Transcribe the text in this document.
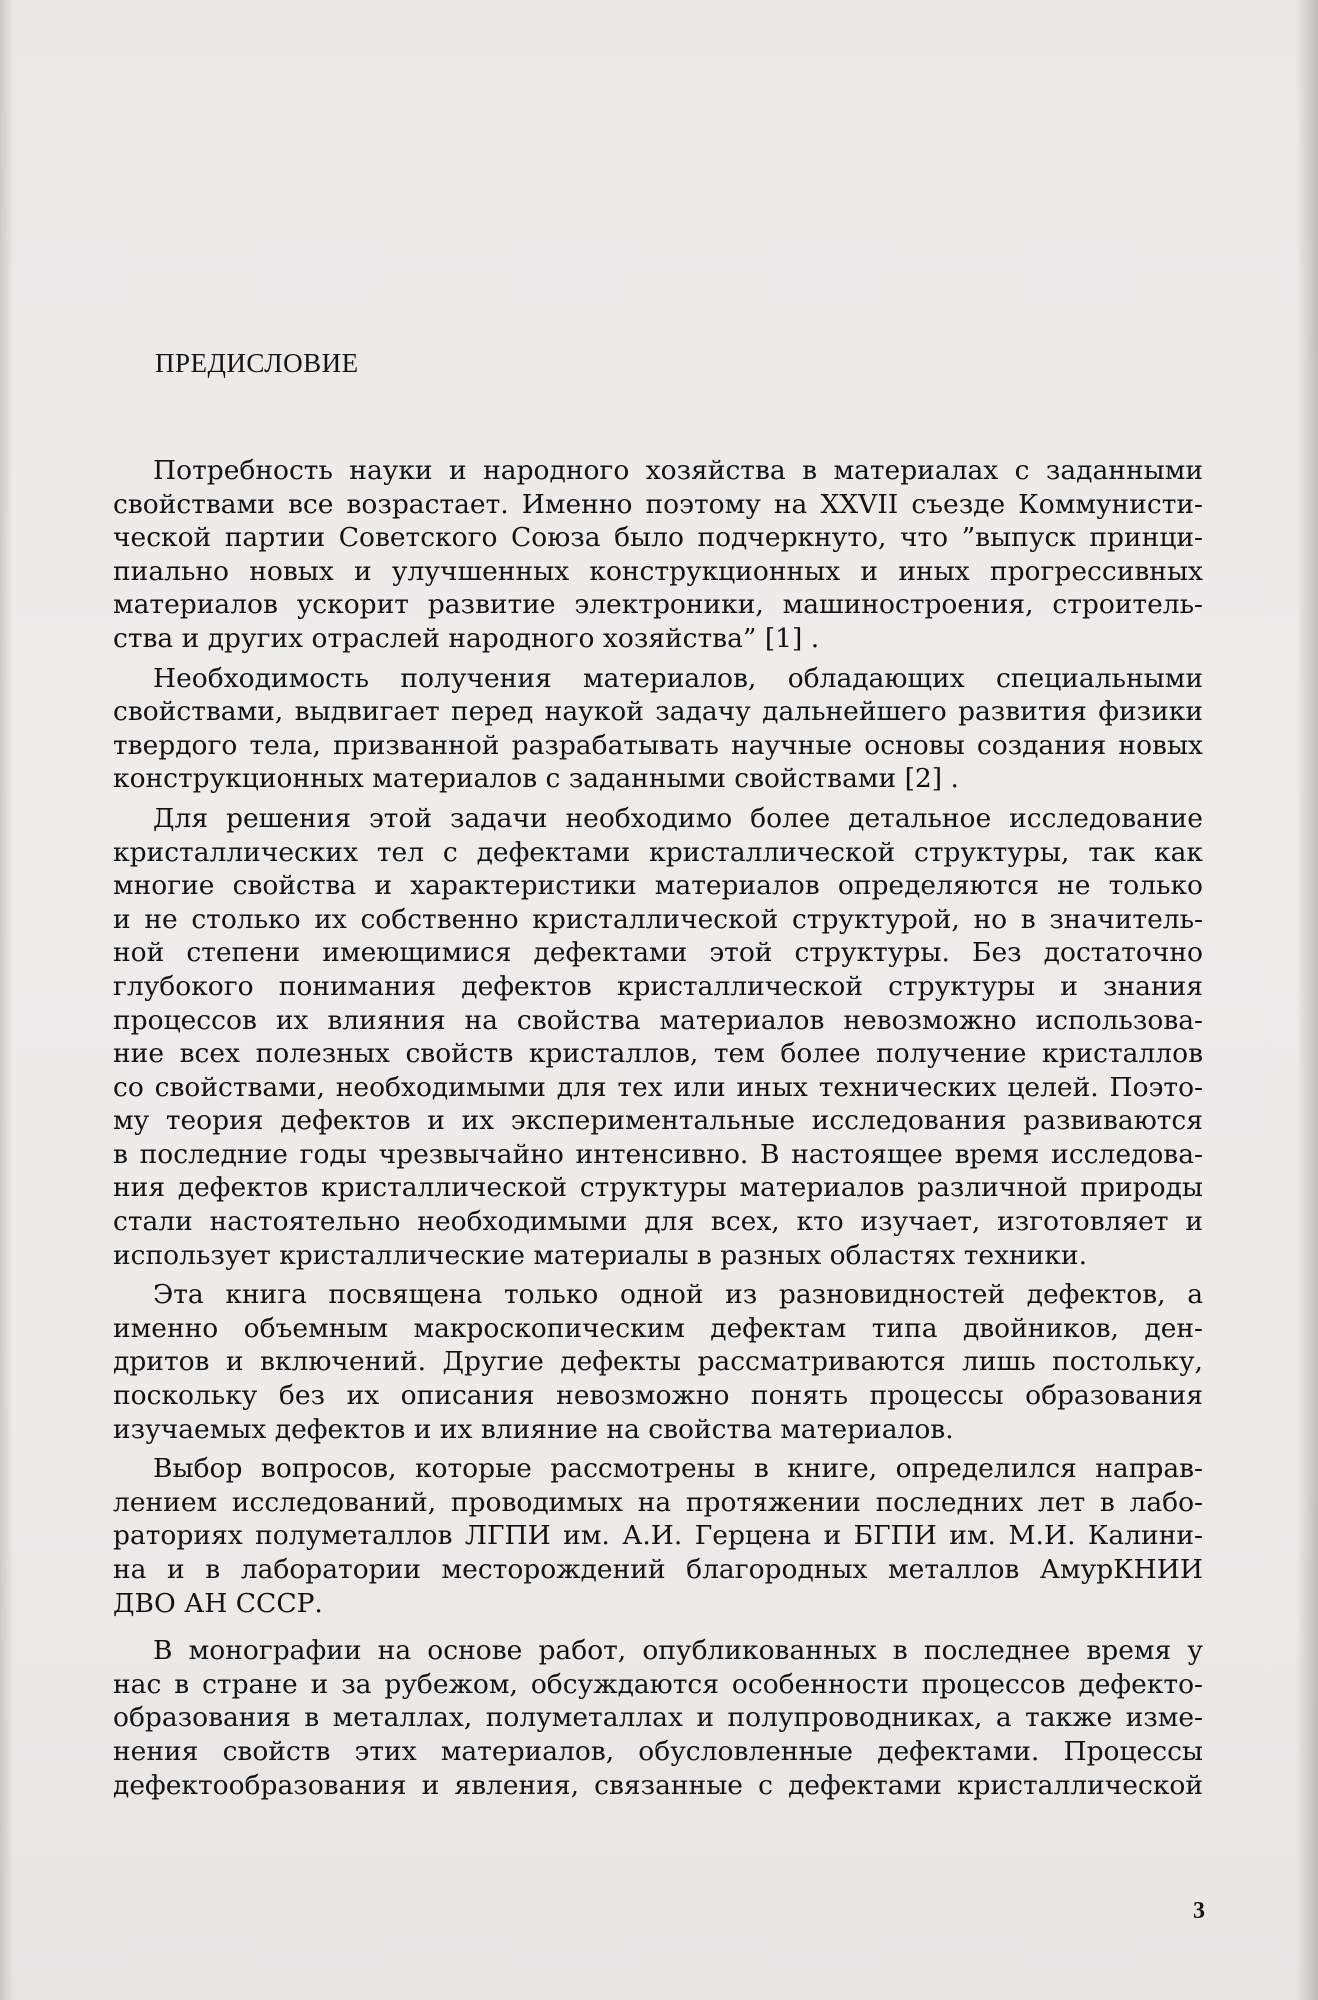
ПРЕДИСЛОВИЕ
Потребность науки и народного хозяйства в материалах с заданными
свойствами все возрастает. Именно поэтому на XXVII съезде Коммунисти-
ческой партии Советского Союза было подчеркнуто, что ”выпуск принци-
пиально новых и улучшенных конструкционных и иных прогрессивных
материалов ускорит развитие электроники, машиностроения, строитель-
ства и других отраслей народного хозяйства” [1] .
Необходимость получения материалов, обладающих специальными
свойствами, выдвигает перед наукой задачу дальнейшего развития физики
твердого тела, призванной разрабатывать научные основы создания новых
конструкционных материалов с заданными свойствами [2] .
Для решения этой задачи необходимо более детальное исследование
кристаллических тел с дефектами кристаллической структуры, так как
многие свойства и характеристики материалов определяются не только
и не столько их собственно кристаллической структурой, но в значитель-
ной степени имеющимися дефектами этой структуры. Без достаточно
глубокого понимания дефектов кристаллической структуры и знания
процессов их влияния на свойства материалов невозможно использова-
ние всех полезных свойств кристаллов, тем более получение кристаллов
со свойствами, необходимыми для тех или иных технических целей. Поэто-
му теория дефектов и их экспериментальные исследования развиваются
в последние годы чрезвычайно интенсивно. В настоящее время исследова-
ния дефектов кристаллической структуры материалов различной природы
стали настоятельно необходимыми для всех, кто изучает, изготовляет и
использует кристаллические материалы в разных областях техники.
Эта книга посвящена только одной из разновидностей дефектов, а
именно объемным макроскопическим дефектам типа двойников, ден-
дритов и включений. Другие дефекты рассматриваются лишь постольку,
поскольку без их описания невозможно понять процессы образования
изучаемых дефектов и их влияние на свойства материалов.
Выбор вопросов, которые рассмотрены в книге, определился направ-
лением исследований, проводимых на протяжении последних лет в лабо-
раториях полуметаллов ЛГПИ им. А.И. Герцена и БГПИ им. М.И. Калини-
на и в лаборатории месторождений благородных металлов АмурКНИИ
ДВО АН СССР.
В монографии на основе работ, опубликованных в последнее время у
нас в стране и за рубежом, обсуждаются особенности процессов дефекто-
образования в металлах, полуметаллах и полупроводниках, а также изме-
нения свойств этих материалов, обусловленные дефектами. Процессы
дефектообразования и явления, связанные с дефектами кристаллической
3
